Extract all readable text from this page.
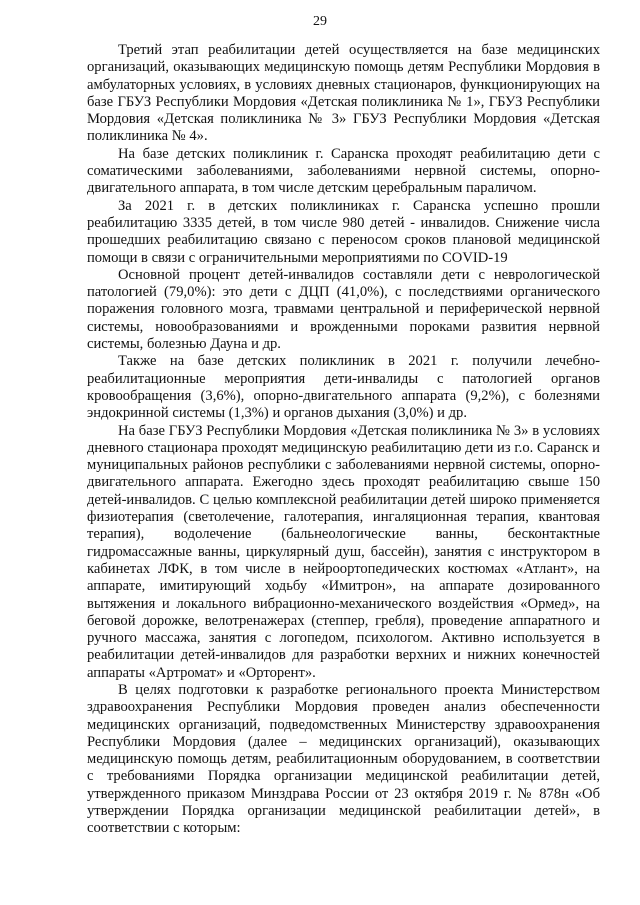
29

Третий этап реабилитации детей осуществляется на базе медицинских организаций, оказывающих медицинскую помощь детям Республики Мордовия в амбулаторных условиях, в условиях дневных стационаров, функционирующих на базе ГБУЗ Республики Мордовия «Детская поликлиника № 1», ГБУЗ Республики Мордовия «Детская поликлиника № 3» ГБУЗ Республики Мордовия «Детская поликлиника № 4».

На базе детских поликлиник г. Саранска проходят реабилитацию дети с соматическими заболеваниями, заболеваниями нервной системы, опорно-двигательного аппарата, в том числе детским церебральным параличом.

За 2021 г. в детских поликлиниках г. Саранска успешно прошли реабилитацию 3335 детей, в том числе 980 детей - инвалидов. Снижение числа прошедших реабилитацию связано с переносом сроков плановой медицинской помощи в связи с ограничительными мероприятиями по COVID-19

Основной процент детей-инвалидов составляли дети с неврологической патологией (79,0%): это дети с ДЦП (41,0%), с последствиями органического поражения головного мозга, травмами центральной и периферической нервной системы, новообразованиями и врожденными пороками развития нервной системы, болезнью Дауна и др.

Также на базе детских поликлиник в 2021 г. получили лечебно-реабилитационные мероприятия дети-инвалиды с патологией органов кровообращения (3,6%), опорно-двигательного аппарата (9,2%), с болезнями эндокринной системы (1,3%) и органов дыхания (3,0%) и др.

На базе ГБУЗ Республики Мордовия «Детская поликлиника № 3» в условиях дневного стационара проходят медицинскую реабилитацию дети из г.о. Саранск и муниципальных районов республики с заболеваниями нервной системы, опорно-двигательного аппарата. Ежегодно здесь проходят реабилитацию свыше 150 детей-инвалидов. С целью комплексной реабилитации детей широко применяется физиотерапия (светолечение, галотерапия, ингаляционная терапия, квантовая терапия), водолечение (бальнеологические ванны, бесконтактные гидромассажные ванны, циркулярный душ, бассейн), занятия с инструктором в кабинетах ЛФК, в том числе в нейроортопедических костюмах «Атлант», на аппарате, имитирующий ходьбу «Имитрон», на аппарате дозированного вытяжения и локального вибрационно-механического воздействия «Ормед», на беговой дорожке, велотренажерах (степпер, гребля), проведение аппаратного и ручного массажа, занятия с логопедом, психологом. Активно используется в реабилитации детей-инвалидов для разработки верхних и нижних конечностей аппараты «Артромат» и «Орторент».

В целях подготовки к разработке регионального проекта Министерством здравоохранения Республики Мордовия проведен анализ обеспеченности медицинских организаций, подведомственных Министерству здравоохранения Республики Мордовия (далее – медицинских организаций), оказывающих медицинскую помощь детям, реабилитационным оборудованием, в соответствии с требованиями Порядка организации медицинской реабилитации детей, утвержденного приказом Минздрава России от 23 октября 2019 г. № 878н «Об утверждении Порядка организации медицинской реабилитации детей», в соответствии с которым:
